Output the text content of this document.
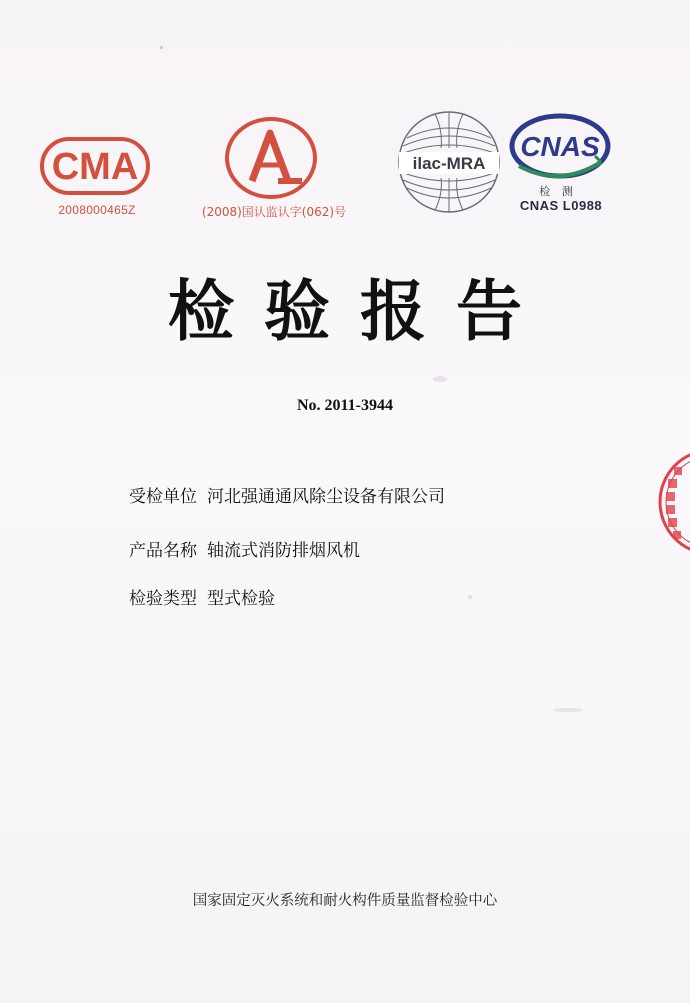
CMA
2008000465Z	(2008)国认监认字(062)号
ilac-MRA
CNAS
检 测
CNAS L0988
检验报告
No. 2011-3944
受检单位 河北强通通风除尘设备有限公司
产品名称 轴流式消防排烟风机
检验类型 型式检验
国家固定灭火系统和耐火构件质量监督检验中心
